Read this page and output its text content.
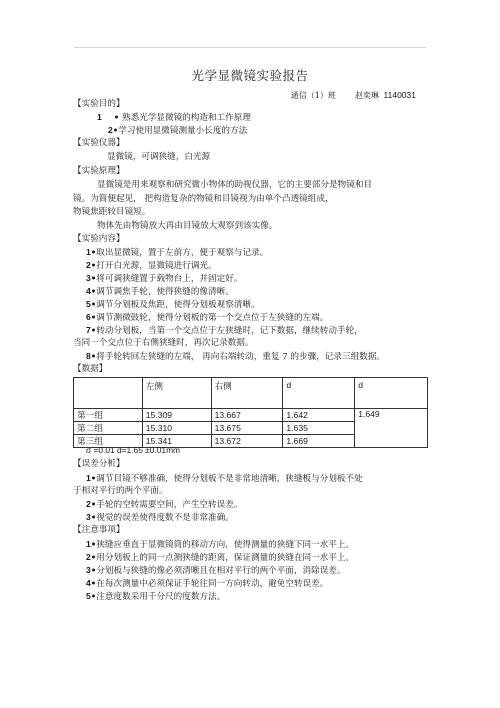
光学显微镜实验报告
通信（1）班 赵奕琳 1140031
【实验目的】
1 • 熟悉光学显微镜的构造和工作原理
2•学习使用显微镜测量小长度的方法
【实验仪器】
显微镜，可调狭缝，白光源
【实验原理】
显微镜是用来观察和研究微小物体的助视仪器，它的主要部分是物镜和目
镜。为简便起见， 把构造复杂的物镜和目镜视为由单个凸透镜组成，
物镜焦距较目镜短。
物体先由物镜放大再由目镜放大观察到该实像。
【实验内容】
1•取出显微镜，置于左前方，便于观察与记录。
2•打开白光源，显微镜进行调光。
3•将可调狭缝置于载物台上，并固定好。
4•调节调焦手轮，使得狭缝的像清晰。
5•调节分划板及焦距，使得分划板观察清晰。
6•调节测微鼓轮，使得分划板的第一个交点位于左狭缝的左端。
7•转动分划板，当第一个交点位于左狭缝时，记下数据，继续转动手轮，
当同一个交点位于右侧狭缝时，再次记录数据。
8•将手轮转回左狭缝的左端， 再向右端转动，重复 7 的步骤，记录三组数据。
【数据】
	左侧	右侧	d	d
第一组	15.309	13.667	1.642	1.649
第二组	15.310	13.675	1.635	
第三组	15.341	13.672	1.669	
σ =0.01 d=1.65 ±0.01mm
【误差分析】
1•调节目镜不够准确，使得分划板不是非常地清晰，狭缝板与分划板不处
于相对平行的两个平面。
2•手轮的空转需要空间，产生空转误差。
3•视觉的误差使得度数不是非常准确。
【注意事项】
1•狭缝应垂直于显微镜筒的移动方向，使得测量的狭缝下同一水平上。
2•用分划板上的同一点测狭缝的距离，保证测量的狭缝在同一水平上。
3•分划板与狭缝的像必须清晰且在相对平行的两个平面，消除误差。
4•在每次测量中必须保证手轮往同一方向转动，避免空转误差。
5•注意度数采用千分尺的度数方法。
